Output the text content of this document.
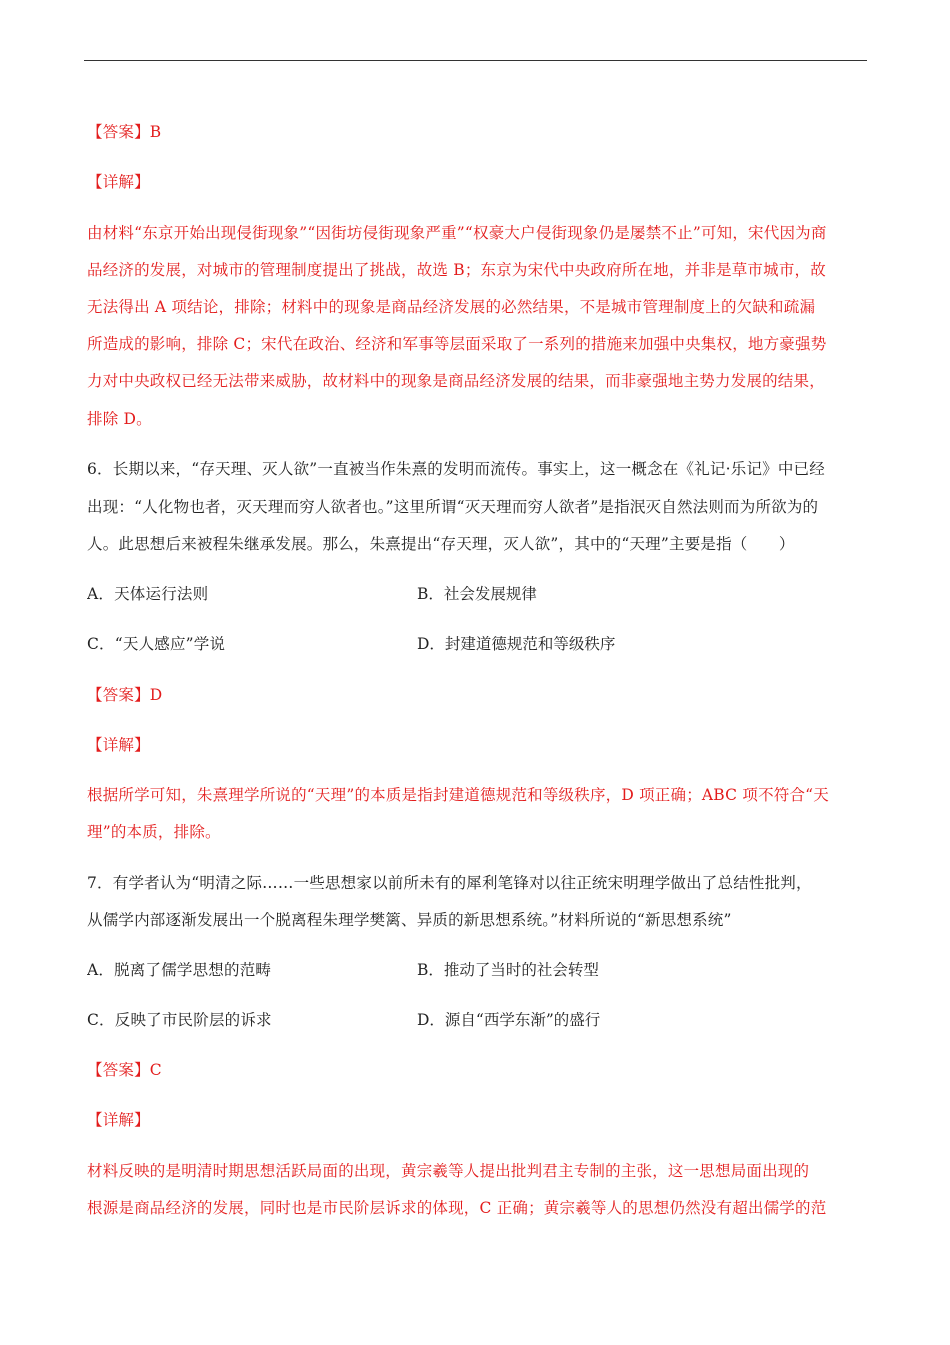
【答案】B
【详解】
由材料“东京开始出现侵街现象”“因街坊侵街现象严重”“权豪大户侵街现象仍是屡禁不止”可知，宋代因为商
品经济的发展，对城市的管理制度提出了挑战，故选 B；东京为宋代中央政府所在地，并非是草市城市，故
无法得出 A 项结论，排除；材料中的现象是商品经济发展的必然结果，不是城市管理制度上的欠缺和疏漏
所造成的影响，排除 C；宋代在政治、经济和军事等层面采取了一系列的措施来加强中央集权，地方豪强势
力对中央政权已经无法带来威胁，故材料中的现象是商品经济发展的结果，而非豪强地主势力发展的结果，
排除 D。
6．长期以来，“存天理、灭人欲”一直被当作朱熹的发明而流传。事实上，这一概念在《礼记·乐记》中已经
出现：“人化物也者，灭天理而穷人欲者也。”这里所谓“灭天理而穷人欲者”是指泯灭自然法则而为所欲为的
人。此思想后来被程朱继承发展。那么，朱熹提出“存天理，灭人欲”，其中的“天理”主要是指（　　）
A．天体运行法则	B．社会发展规律
C．“天人感应”学说	D．封建道德规范和等级秩序
【答案】D
【详解】
根据所学可知，朱熹理学所说的“天理”的本质是指封建道德规范和等级秩序，D 项正确；ABC 项不符合“天
理”的本质，排除。
7．有学者认为“明清之际……一些思想家以前所未有的犀利笔锋对以往正统宋明理学做出了总结性批判，
从儒学内部逐渐发展出一个脱离程朱理学樊篱、异质的新思想系统。”材料所说的“新思想系统”
A．脱离了儒学思想的范畴	B．推动了当时的社会转型
C．反映了市民阶层的诉求	D．源自“西学东渐”的盛行
【答案】C
【详解】
材料反映的是明清时期思想活跃局面的出现，黄宗羲等人提出批判君主专制的主张，这一思想局面出现的
根源是商品经济的发展，同时也是市民阶层诉求的体现，C 正确；黄宗羲等人的思想仍然没有超出儒学的范
